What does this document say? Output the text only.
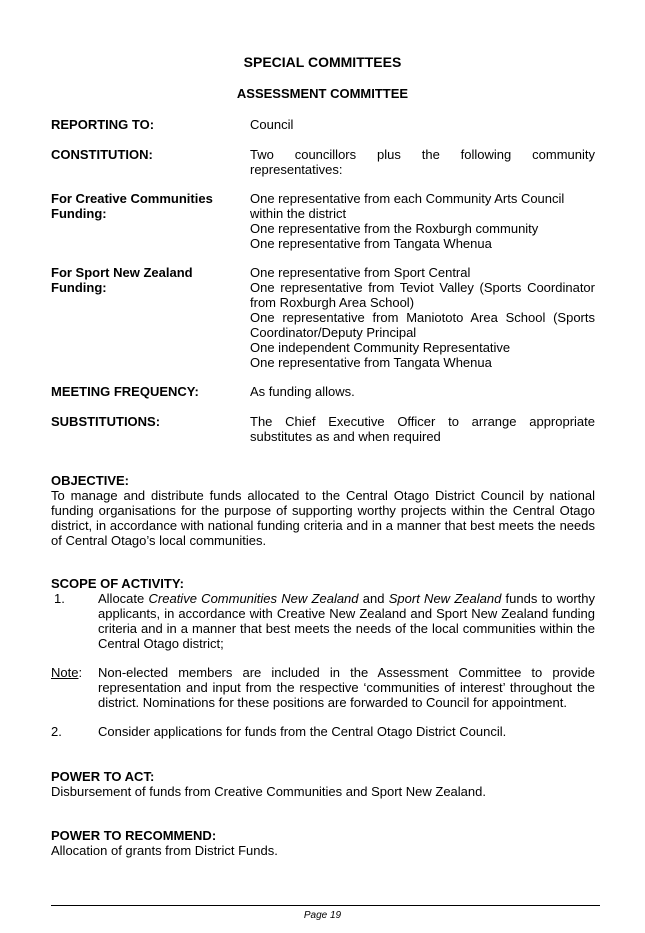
SPECIAL COMMITTEES
ASSESSMENT COMMITTEE
REPORTING TO:	Council
CONSTITUTION:	Two councillors plus the following community representatives:
For Creative Communities Funding:
One representative from each Community Arts Council within the district
One representative from the Roxburgh community
One representative from Tangata Whenua
For Sport New Zealand Funding:
One representative from Sport Central
One representative from Teviot Valley (Sports Coordinator from Roxburgh Area School)
One representative from Maniototo Area School (Sports Coordinator/Deputy Principal
One independent Community Representative
One representative from Tangata Whenua
MEETING FREQUENCY:	As funding allows.
SUBSTITUTIONS:	The Chief Executive Officer to arrange appropriate substitutes as and when required
OBJECTIVE:
To manage and distribute funds allocated to the Central Otago District Council by national funding organisations for the purpose of supporting worthy projects within the Central Otago district, in accordance with national funding criteria and in a manner that best meets the needs of Central Otago’s local communities.
SCOPE OF ACTIVITY:
1.	Allocate Creative Communities New Zealand and Sport New Zealand funds to worthy applicants, in accordance with Creative New Zealand and Sport New Zealand funding criteria and in a manner that best meets the needs of the local communities within the Central Otago district;
Note: Non-elected members are included in the Assessment Committee to provide representation and input from the respective ‘communities of interest’ throughout the district. Nominations for these positions are forwarded to Council for appointment.
2.	Consider applications for funds from the Central Otago District Council.
POWER TO ACT:
Disbursement of funds from Creative Communities and Sport New Zealand.
POWER TO RECOMMEND:
Allocation of grants from District Funds.
Page 19
